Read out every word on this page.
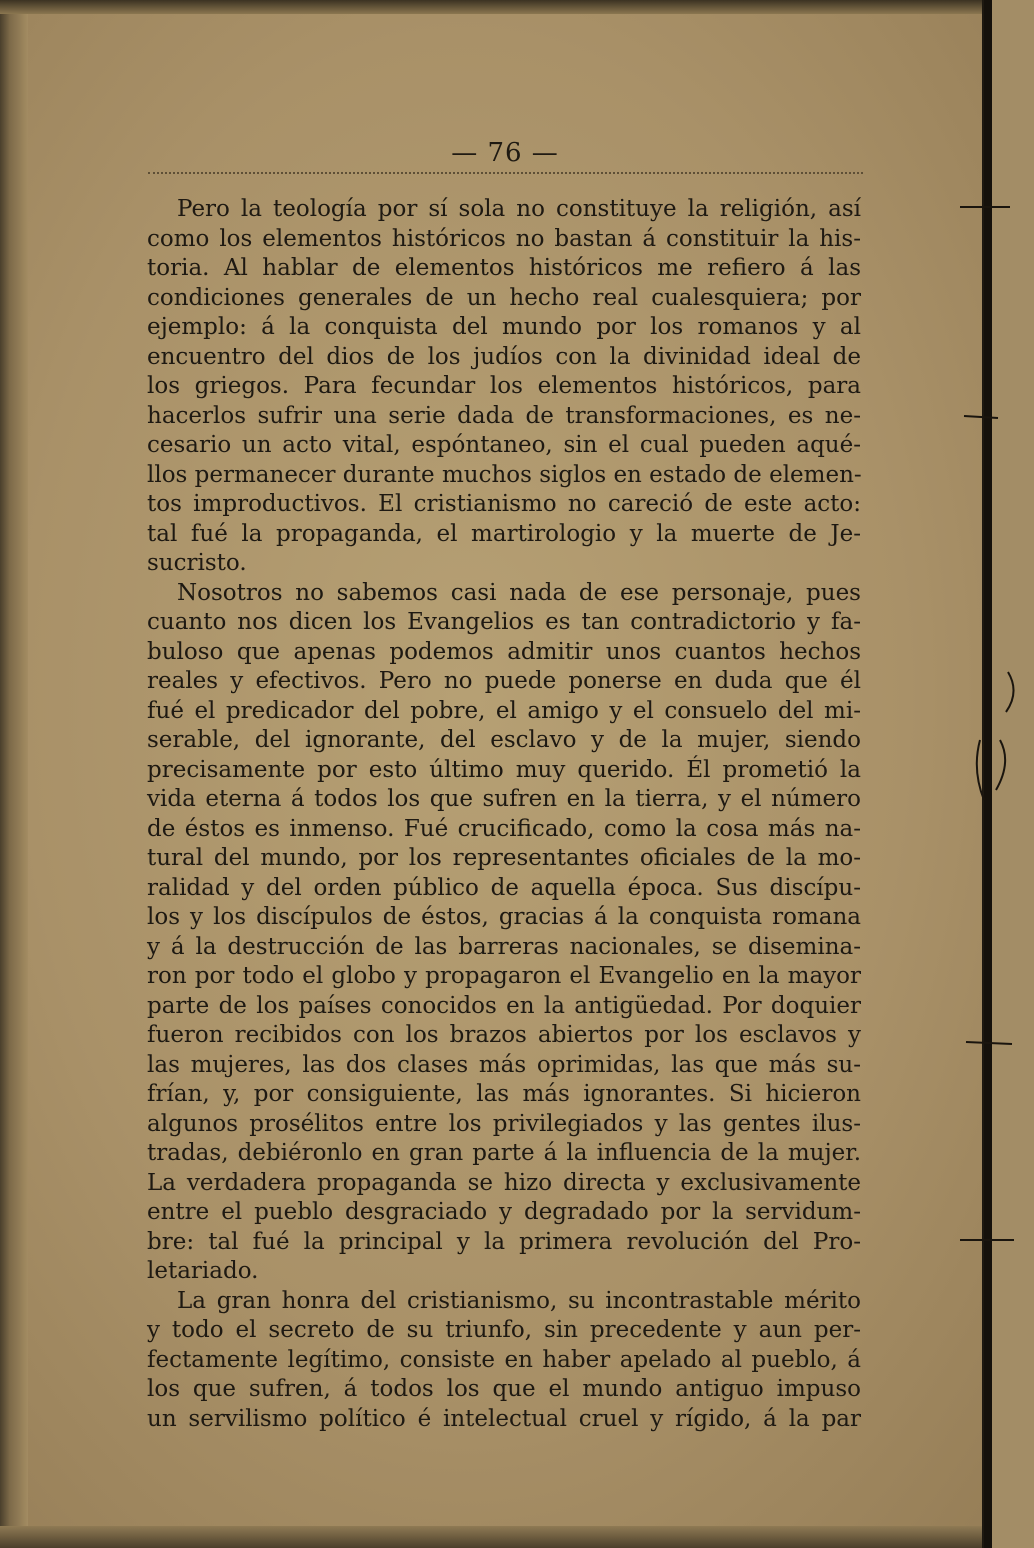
— 76 —
Pero la teología por sí sola no constituye la religión, así
como los elementos históricos no bastan á constituir la his-
toria. Al hablar de elementos históricos me refiero á las
condiciones generales de un hecho real cualesquiera; por
ejemplo: á la conquista del mundo por los romanos y al
encuentro del dios de los judíos con la divinidad ideal de
los griegos. Para fecundar los elementos históricos, para
hacerlos sufrir una serie dada de transformaciones, es ne-
cesario un acto vital, espóntaneo, sin el cual pueden aqué-
llos permanecer durante muchos siglos en estado de elemen-
tos improductivos. El cristianismo no careció de este acto:
tal fué la propaganda, el martirologio y la muerte de Je-
sucristo.
Nosotros no sabemos casi nada de ese personaje, pues
cuanto nos dicen los Evangelios es tan contradictorio y fa-
buloso que apenas podemos admitir unos cuantos hechos
reales y efectivos. Pero no puede ponerse en duda que él
fué el predicador del pobre, el amigo y el consuelo del mi-
serable, del ignorante, del esclavo y de la mujer, siendo
precisamente por esto último muy querido. Él prometió la
vida eterna á todos los que sufren en la tierra, y el número
de éstos es inmenso. Fué crucificado, como la cosa más na-
tural del mundo, por los representantes oficiales de la mo-
ralidad y del orden público de aquella época. Sus discípu-
los y los discípulos de éstos, gracias á la conquista romana
y á la destrucción de las barreras nacionales, se disemina-
ron por todo el globo y propagaron el Evangelio en la mayor
parte de los países conocidos en la antigüedad. Por doquier
fueron recibidos con los brazos abiertos por los esclavos y
las mujeres, las dos clases más oprimidas, las que más su-
frían, y, por consiguiente, las más ignorantes. Si hicieron
algunos prosélitos entre los privilegiados y las gentes ilus-
tradas, debiéronlo en gran parte á la influencia de la mujer.
La verdadera propaganda se hizo directa y exclusivamente
entre el pueblo desgraciado y degradado por la servidum-
bre: tal fué la principal y la primera revolución del Pro-
letariado.
La gran honra del cristianismo, su incontrastable mérito
y todo el secreto de su triunfo, sin precedente y aun per-
fectamente legítimo, consiste en haber apelado al pueblo, á
los que sufren, á todos los que el mundo antiguo impuso
un servilismo político é intelectual cruel y rígido, á la par
